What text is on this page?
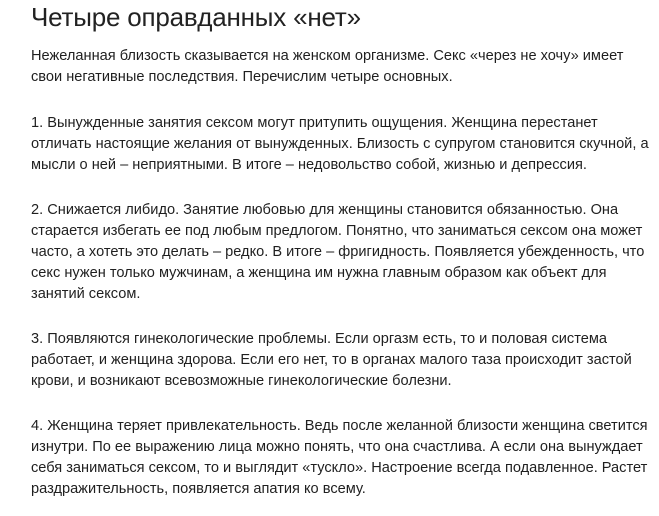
Четыре оправданных «нет»

Нежеланная близость сказывается на женском организме. Секс «через не хочу» имеет свои негативные последствия. Перечислим четыре основных.

1. Вынужденные занятия сексом могут притупить ощущения. Женщина перестанет отличать настоящие желания от вынужденных. Близость с супругом становится скучной, а мысли о ней – неприятными. В итоге – недовольство собой, жизнью и депрессия.

2. Снижается либидо. Занятие любовью для женщины становится обязанностью. Она старается избегать ее под любым предлогом. Понятно, что заниматься сексом она может часто, а хотеть это делать – редко. В итоге – фригидность. Появляется убежденность, что секс нужен только мужчинам, а женщина им нужна главным образом как объект для занятий сексом.

3. Появляются гинекологические проблемы. Если оргазм есть, то и половая система работает, и женщина здорова. Если его нет, то в органах малого таза происходит застой крови, и возникают всевозможные гинекологические болезни.

4. Женщина теряет привлекательность. Ведь после желанной близости женщина светится изнутри. По ее выражению лица можно понять, что она счастлива. А если она вынуждает себя заниматься сексом, то и выглядит «тускло». Настроение всегда подавленное. Растет раздражительность, появляется апатия ко всему.
